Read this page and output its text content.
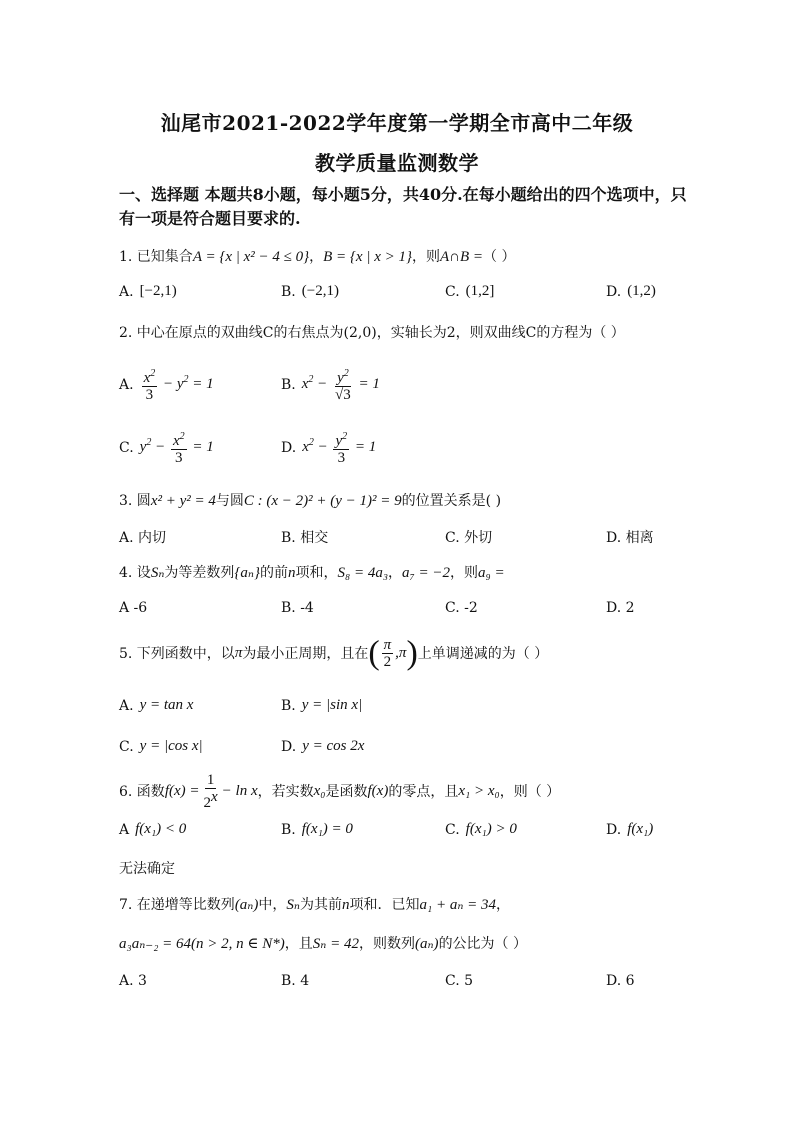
汕尾市2021-2022学年度第一学期全市高中二年级
教学质量监测数学
一、选择题 本题共8小题，每小题5分，共40分.在每小题给出的四个选项中，只有一项是符合题目要求的.
1. 已知集合A = {x | x² − 4 ≤ 0}，B = {x | x > 1}，则A∩B =（ ）
A. [−2,1)	B. (−2,1)	C. (1,2]	D. (1,2)
2. 中心在原点的双曲线C的右焦点为(2,0)，实轴长为2，则双曲线C的方程为（ ）
A. $\frac{x^2}{3} - y^2 = 1$	B. $x^2 - \frac{y^2}{√3} = 1$
C. $y^2 - \frac{x^2}{3} = 1$	D. $x^2 - \frac{y^2}{3} = 1$
3. 圆x² + y² = 4与圆C : (x − 2)² + (y − 1)² = 9的位置关系是( )
A. 内切	B. 相交	C. 外切	D. 相离
4. 设Sₙ为等差数列{aₙ}的前n项和，S₈ = 4a₃，a₇ = −2，则a₉ =
A -6	B. -4	C. -2	D. 2
5. 下列函数中，以 π 为最小正周期，且在 ( $\frac{\pi}{2} ,\pi$) 上单调递减的为（ ）
A. y = tan x	B. y = |sin x|
C. y = |cos x|	D. y = cos 2x
6. 函数 $f(x) = \frac{1}{2^x} - \ln x$ ，若实数 x₀ 是函数 f(x) 的零点，且 x₁ > x₀ ，则（ ）
A f(x₁) < 0	B. f(x₁) = 0	C. f(x₁) > 0	D. f(x₁)
无法确定
7. 在递增等比数列(aₙ)中，Sₙ为其前n项和．已知a₁ + aₙ = 34，
a₃aₙ₋₂ = 64(n > 2, n ∈ N*)，且Sₙ = 42，则数列(aₙ)的公比为（ ）
A. 3	B. 4	C. 5	D. 6
